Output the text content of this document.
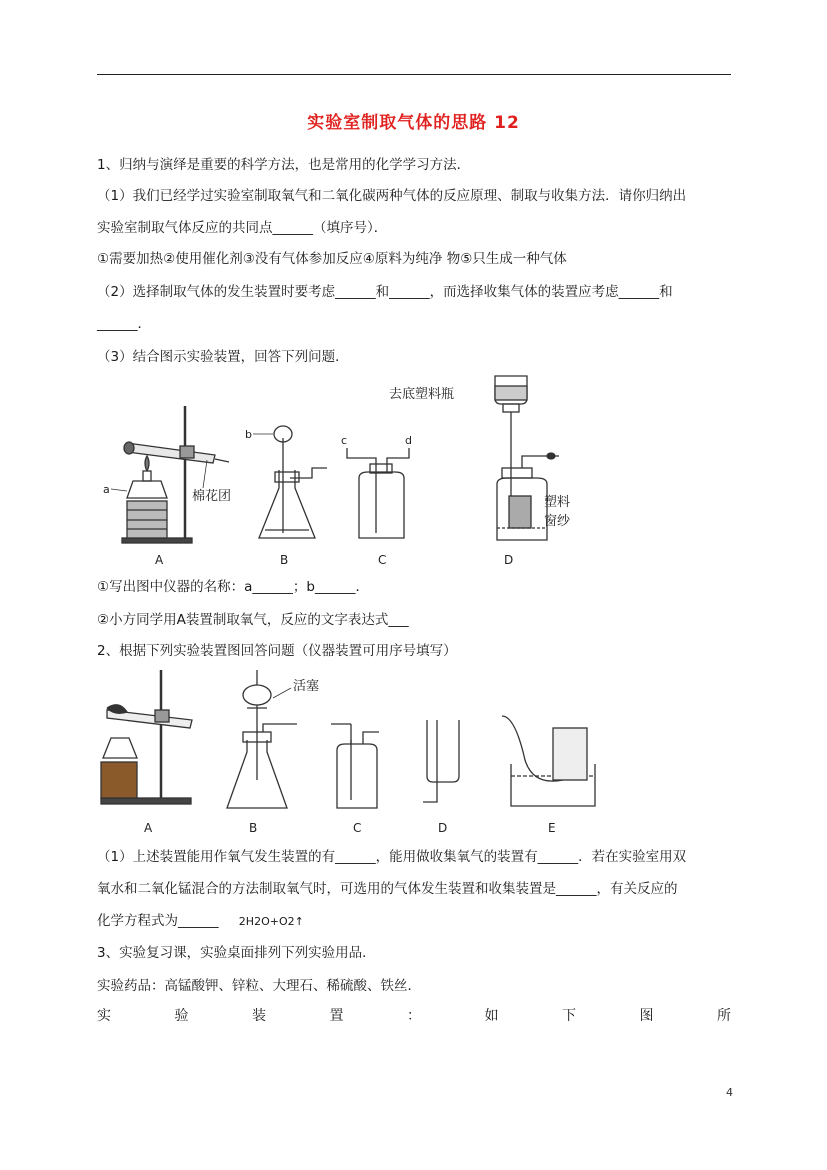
实验室制取气体的思路 12
1、归纳与演绎是重要的科学方法，也是常用的化学学习方法．
（1）我们已经学过实验室制取氧气和二氧化碳两种气体的反应原理、制取与收集方法．请你归纳出
实验室制取气体反应的共同点______（填序号）．
①需要加热②使用催化剂③没有气体参加反应④原料为纯净 物⑤只生成一种气体
（2）选择制取气体的发生装置时要考虑______和______，而选择收集气体的装置应考虑______和
______．
（3）结合图示实验装置，回答下列问题．
a	棉花团
A
b
B
c	d
C
去底塑料瓶
塑料
窗纱
D
①写出图中仪器的名称：a______；b______．
②小方同学用A装置制取氧气，反应的文字表达式___
2、根据下列实验装置图回答问题（仪器装置可用序号填写）
A
活塞
B	C	D	E
（1）上述装置能用作氧气发生装置的有______，能用做收集氧气的装置有______．若在实验室用双
氧水和二氧化锰混合的方法制取氧气时，可选用的气体发生装置和收集装置是______，有关反应的
化学方程式为______ 2H2O+O2↑
3、实验复习课，实验桌面排列下列实验用品．
实验药品：高锰酸钾、锌粒、大理石、稀硫酸、铁丝．
实	验	装	置	：	如	下	图	所
4
